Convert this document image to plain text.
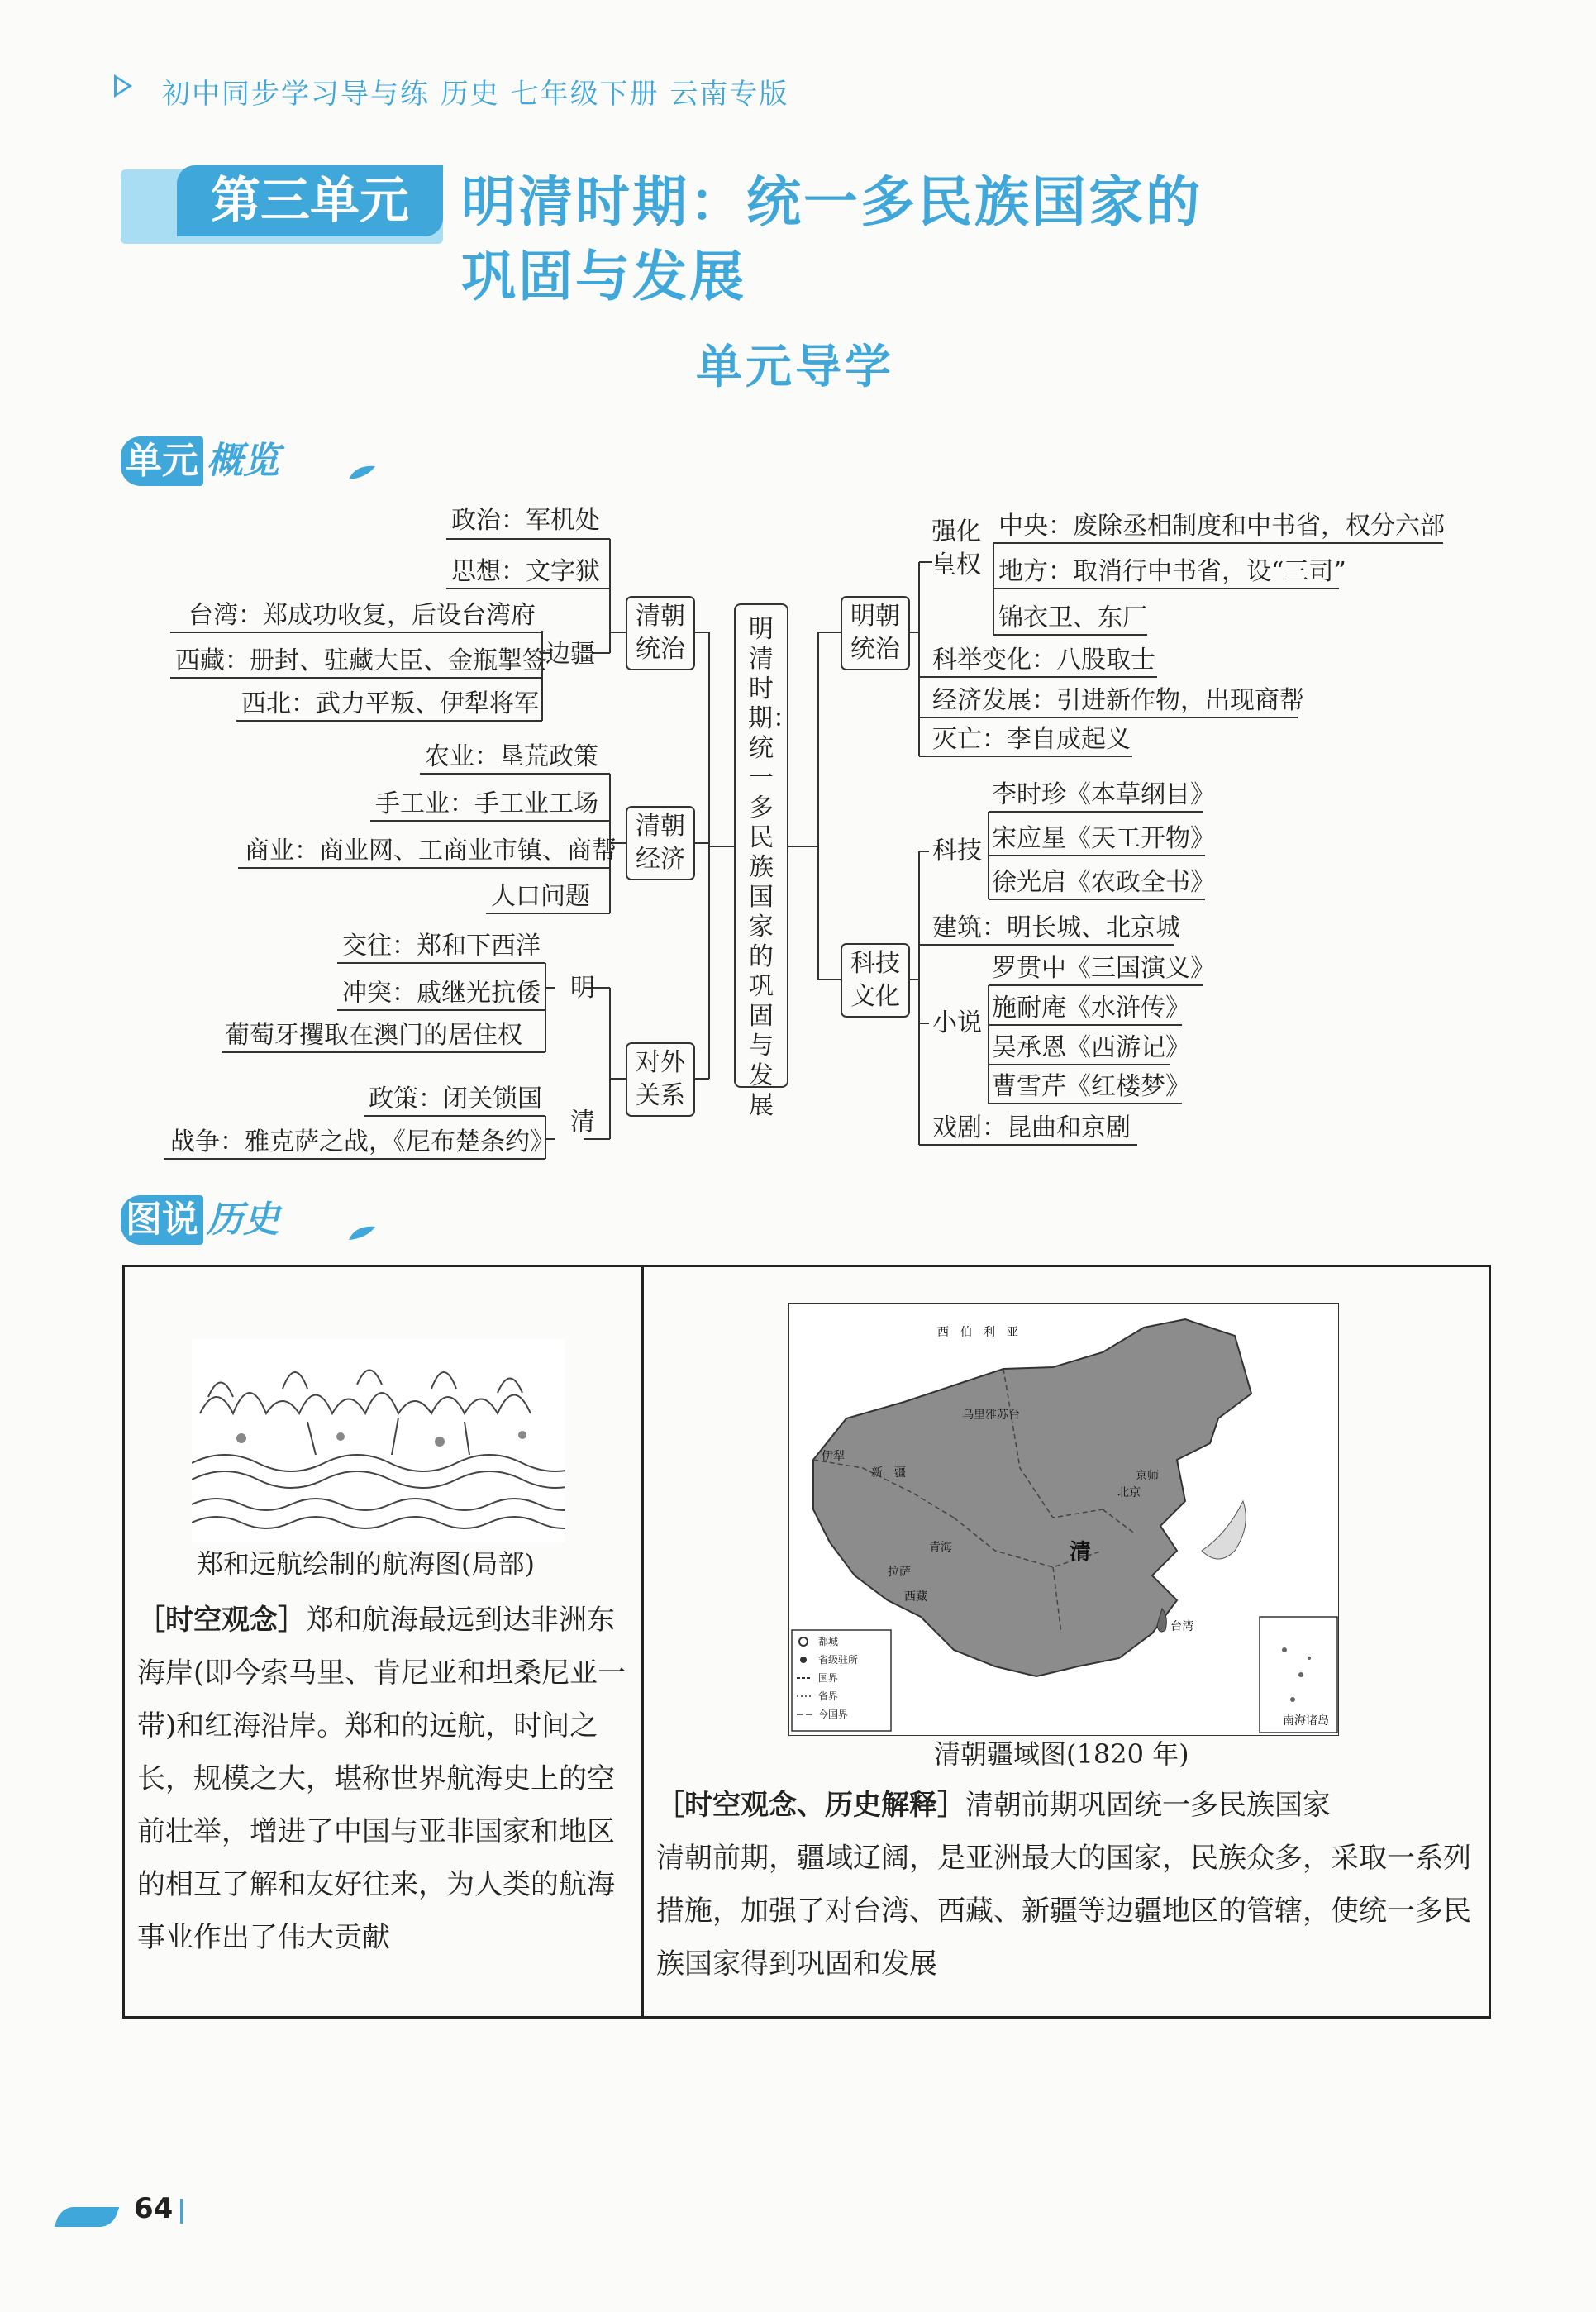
初中同步学习导与练 历史 七年级下册 云南专版
第三单元 明清时期：统一多民族国家的
巩固与发展
单元导学
单元 概览
明清时期：统一多民族国家的巩固与发展
清朝统治
政治：军机处
思想：文字狱
边疆
台湾：郑成功收复，后设台湾府
西藏：册封、驻藏大臣、金瓶掣签
西北：武力平叛、伊犁将军
清朝经济
农业：垦荒政策
手工业：手工业工场
商业：商业网、工商业市镇、商帮
人口问题
对外关系
明
清
交往：郑和下西洋
冲突：戚继光抗倭
葡萄牙攫取在澳门的居住权
政策：闭关锁国
战争：雅克萨之战，《尼布楚条约》
明朝统治
强化皇权
中央：废除丞相制度和中书省，权分六部
地方：取消行中书省，设“三司”
锦衣卫、东厂
科举变化：八股取士
经济发展：引进新作物，出现商帮
灭亡：李自成起义
科技文化
科技
李时珍《本草纲目》
宋应星《天工开物》
徐光启《农政全书》
建筑：明长城、北京城
小说
罗贯中《三国演义》
施耐庵《水浒传》
吴承恩《西游记》
曹雪芹《红楼梦》
戏剧：昆曲和京剧
图说 历史
郑和远航绘制的航海图(局部)
［时空观念］郑和航海最远到达非洲东海岸(即今索马里、肯尼亚和坦桑尼亚一带)和红海沿岸。郑和的远航，时间之长，规模之大，堪称世界航海史上的空前壮举，增进了中国与亚非国家和地区的相互了解和友好往来，为人类的航海事业作出了伟大贡献
都城
省级驻所
国界
省界
今国界
西　伯　利　亚
乌里雅苏台
新　疆
伊犁
北京
京师
青海
西藏
拉萨
台湾
南海诸岛
清
清朝疆域图(1820 年)
［时空观念、历史解释］清朝前期巩固统一多民族国家
清朝前期，疆域辽阔，是亚洲最大的国家，民族众多，采取一系列措施，加强了对台湾、西藏、新疆等边疆地区的管辖，使统一多民族国家得到巩固和发展
64
